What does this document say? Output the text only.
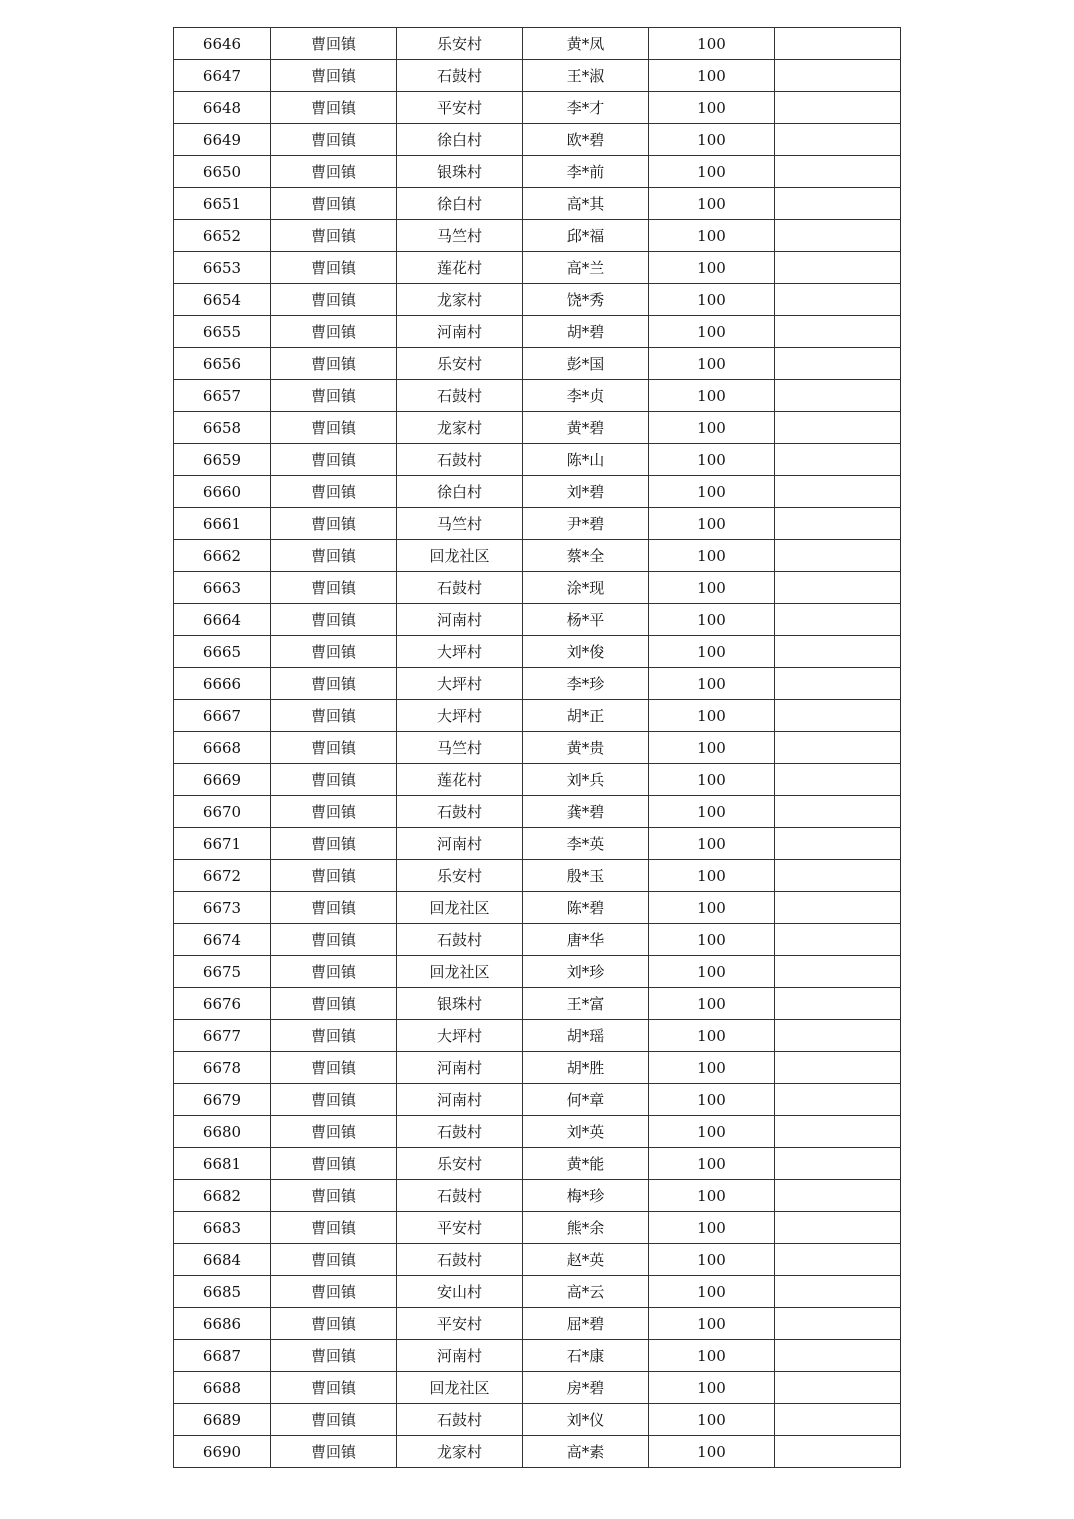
6646	曹回镇	乐安村	黄*凤	100	
6647	曹回镇	石鼓村	王*淑	100	
6648	曹回镇	平安村	李*才	100	
6649	曹回镇	徐白村	欧*碧	100	
6650	曹回镇	银珠村	李*前	100	
6651	曹回镇	徐白村	高*其	100	
6652	曹回镇	马竺村	邱*福	100	
6653	曹回镇	莲花村	高*兰	100	
6654	曹回镇	龙家村	饶*秀	100	
6655	曹回镇	河南村	胡*碧	100	
6656	曹回镇	乐安村	彭*国	100	
6657	曹回镇	石鼓村	李*贞	100	
6658	曹回镇	龙家村	黄*碧	100	
6659	曹回镇	石鼓村	陈*山	100	
6660	曹回镇	徐白村	刘*碧	100	
6661	曹回镇	马竺村	尹*碧	100	
6662	曹回镇	回龙社区	蔡*全	100	
6663	曹回镇	石鼓村	涂*现	100	
6664	曹回镇	河南村	杨*平	100	
6665	曹回镇	大坪村	刘*俊	100	
6666	曹回镇	大坪村	李*珍	100	
6667	曹回镇	大坪村	胡*正	100	
6668	曹回镇	马竺村	黄*贵	100	
6669	曹回镇	莲花村	刘*兵	100	
6670	曹回镇	石鼓村	龚*碧	100	
6671	曹回镇	河南村	李*英	100	
6672	曹回镇	乐安村	殷*玉	100	
6673	曹回镇	回龙社区	陈*碧	100	
6674	曹回镇	石鼓村	唐*华	100	
6675	曹回镇	回龙社区	刘*珍	100	
6676	曹回镇	银珠村	王*富	100	
6677	曹回镇	大坪村	胡*瑶	100	
6678	曹回镇	河南村	胡*胜	100	
6679	曹回镇	河南村	何*章	100	
6680	曹回镇	石鼓村	刘*英	100	
6681	曹回镇	乐安村	黄*能	100	
6682	曹回镇	石鼓村	梅*珍	100	
6683	曹回镇	平安村	熊*余	100	
6684	曹回镇	石鼓村	赵*英	100	
6685	曹回镇	安山村	高*云	100	
6686	曹回镇	平安村	屈*碧	100	
6687	曹回镇	河南村	石*康	100	
6688	曹回镇	回龙社区	房*碧	100	
6689	曹回镇	石鼓村	刘*仪	100	
6690	曹回镇	龙家村	高*素	100	
